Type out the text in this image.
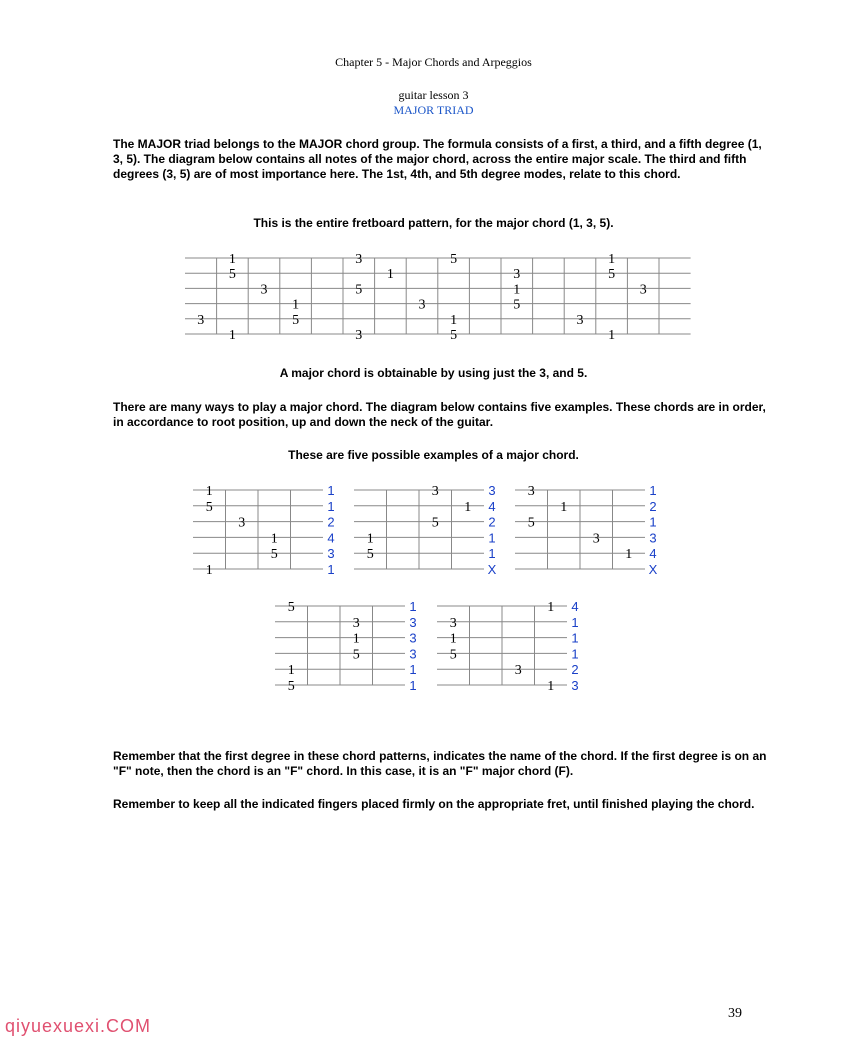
Chapter 5 - Major Chords and Arpeggios
guitar lesson 3
MAJOR TRIAD
The MAJOR triad belongs to the MAJOR chord group. The formula consists of a first, a third, and a fifth degree (1, 3, 5). The diagram below contains all notes of the major chord, across the entire major scale. The third and fifth degrees (3, 5) are of most importance here. The 1st, 4th, and 5th degree modes, relate to this chord.
This is the entire fretboard pattern, for the major chord (1, 3, 5).
1	3	5	1
5	1	3	5
3	5	1	3
1	3	5
3	5	1	3
1	3	5	1
1
5
3
1
5
1
1
1
2
4
3
1
3
1
5
1
5
3
4
2
1
1
X
3
1
5
3
1
1
2
1
3
4
X
5
3
1
5
1
5
1
3
3
3
1
1
1
3
1
5
3
1
4
1
1
1
2
3
A major chord is obtainable by using just the 3, and 5.
There are many ways to play a major chord. The diagram below contains five examples. These chords are in order, in accordance to root position, up and down the neck of the guitar.
These are five possible examples of a major chord.
Remember that the first degree in these chord patterns, indicates the name of the chord. If the first degree is on an "F" note, then the chord is an "F" chord. In this case, it is an "F" major chord (F).
Remember to keep all the indicated fingers placed firmly on the appropriate fret, until finished playing the chord.
39
qiyuexuexi.COM
